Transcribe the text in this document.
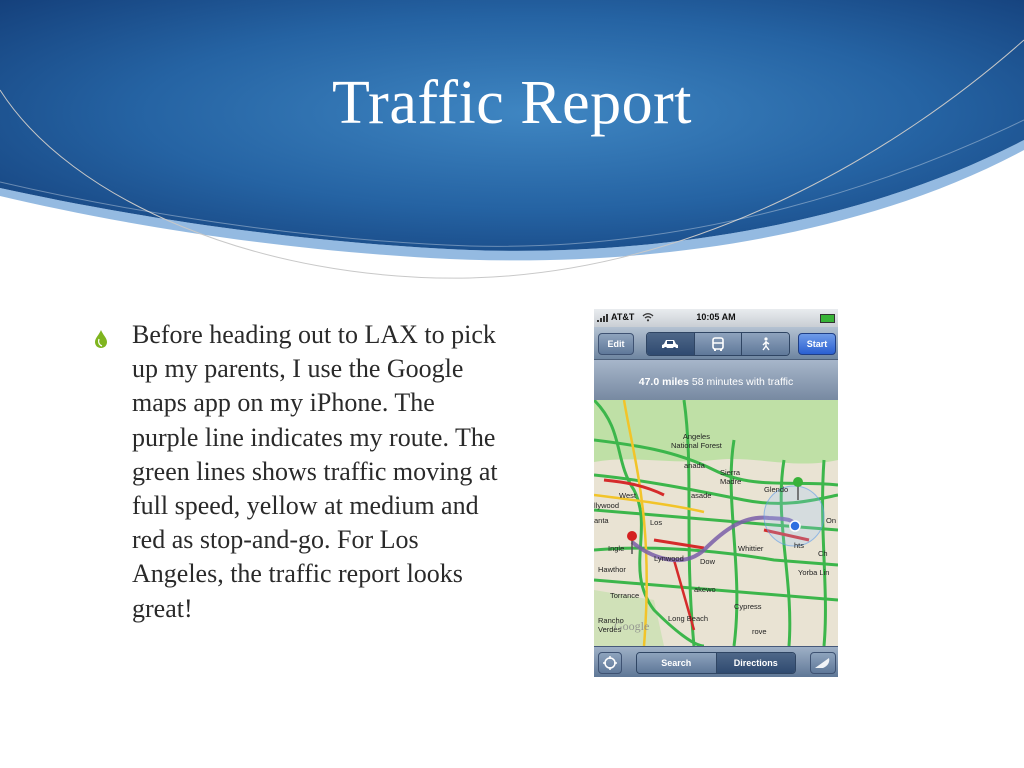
Traffic Report
Before heading out to LAX to pick up my parents, I use the Google maps app on my iPhone. The purple line indicates my route. The green lines shows traffic moving at full speed, yellow at medium and red as stop-and-go. For Los Angeles, the traffic report looks great!
AT&T	10:05 AM
Edit	Start
Angeles
National Forest
anada
Sierra
Madre
Glendo
West
llywood
asade
anta	Los	On
Ingle
Lynwood
Whittier	hts
Ch
Hawthor
Dow
Yorba Lin
Torrance
akewo
Cypress
Rancho
Verdes
Long Beach
rove
Google
47.0 miles 58 minutes with traffic
Search	Directions
